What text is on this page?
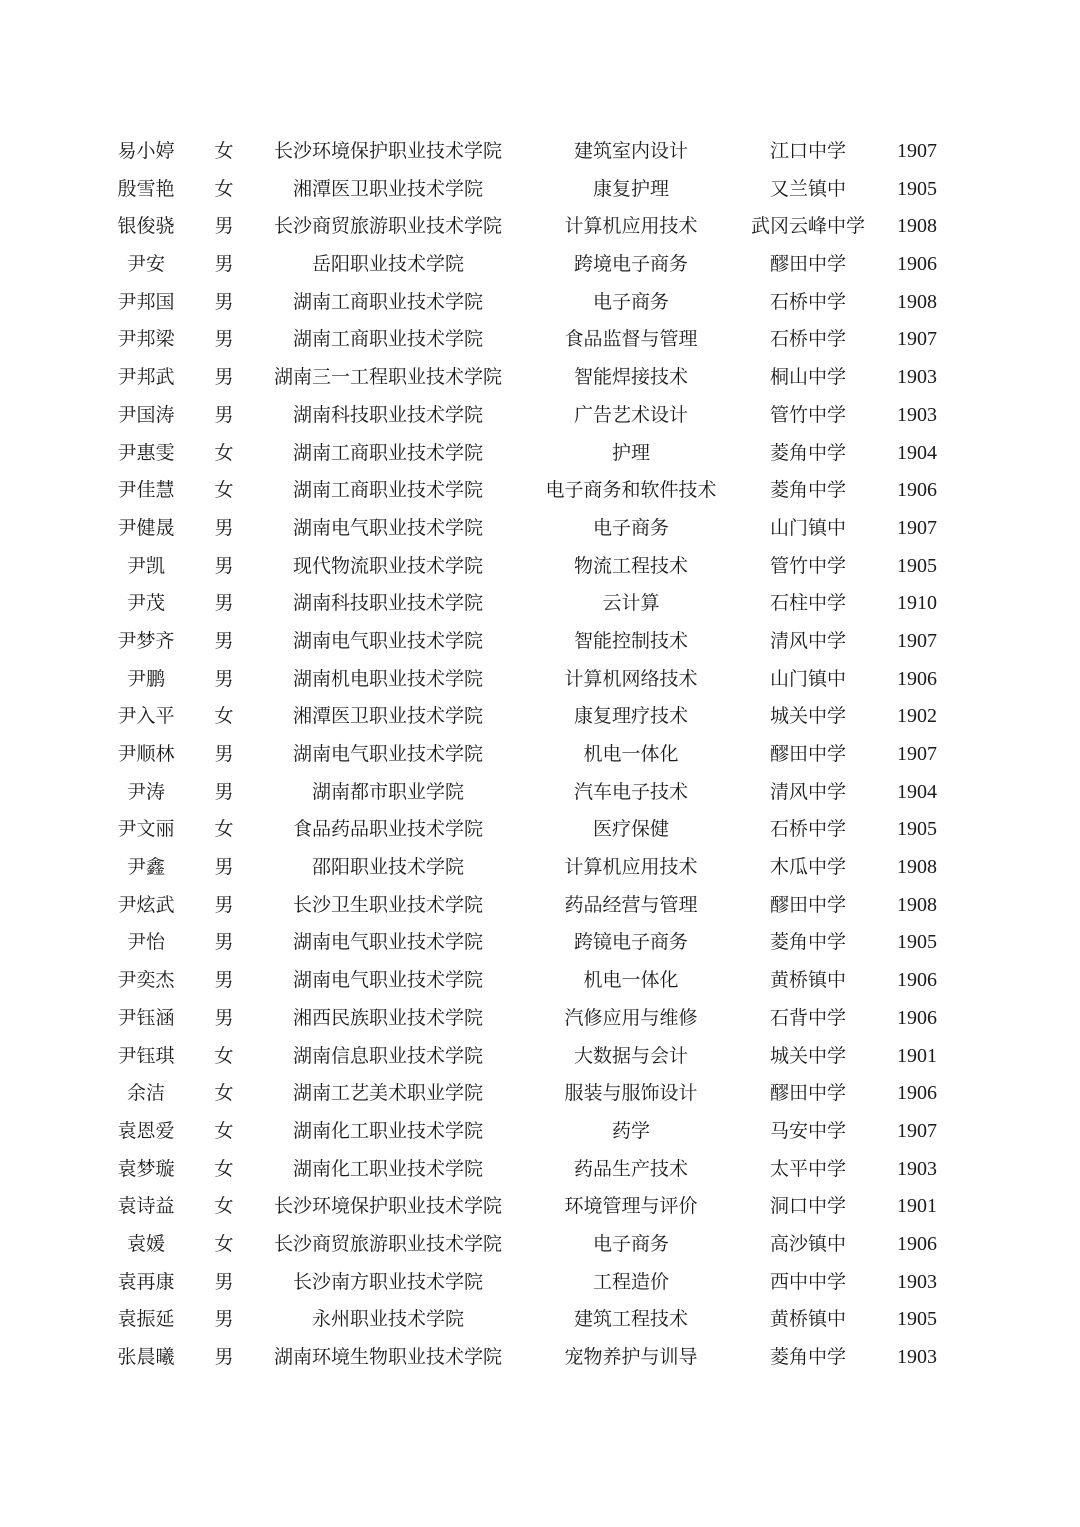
易小婷	女	长沙环境保护职业技术学院	建筑室内设计	江口中学	1907
殷雪艳	女	湘潭医卫职业技术学院	康复护理	又兰镇中	1905
银俊骁	男	长沙商贸旅游职业技术学院	计算机应用技术	武冈云峰中学	1908
尹安	男	岳阳职业技术学院	跨境电子商务	醪田中学	1906
尹邦国	男	湖南工商职业技术学院	电子商务	石桥中学	1908
尹邦梁	男	湖南工商职业技术学院	食品监督与管理	石桥中学	1907
尹邦武	男	湖南三一工程职业技术学院	智能焊接技术	桐山中学	1903
尹国涛	男	湖南科技职业技术学院	广告艺术设计	管竹中学	1903
尹惠雯	女	湖南工商职业技术学院	护理	菱角中学	1904
尹佳慧	女	湖南工商职业技术学院	电子商务和软件技术	菱角中学	1906
尹健晟	男	湖南电气职业技术学院	电子商务	山门镇中	1907
尹凯	男	现代物流职业技术学院	物流工程技术	管竹中学	1905
尹茂	男	湖南科技职业技术学院	云计算	石柱中学	1910
尹梦齐	男	湖南电气职业技术学院	智能控制技术	清风中学	1907
尹鹏	男	湖南机电职业技术学院	计算机网络技术	山门镇中	1906
尹入平	女	湘潭医卫职业技术学院	康复理疗技术	城关中学	1902
尹顺林	男	湖南电气职业技术学院	机电一体化	醪田中学	1907
尹涛	男	湖南都市职业学院	汽车电子技术	清风中学	1904
尹文丽	女	食品药品职业技术学院	医疗保健	石桥中学	1905
尹鑫	男	邵阳职业技术学院	计算机应用技术	木瓜中学	1908
尹炫武	男	长沙卫生职业技术学院	药品经营与管理	醪田中学	1908
尹怡	男	湖南电气职业技术学院	跨镜电子商务	菱角中学	1905
尹奕杰	男	湖南电气职业技术学院	机电一体化	黄桥镇中	1906
尹钰涵	男	湘西民族职业技术学院	汽修应用与维修	石背中学	1906
尹钰琪	女	湖南信息职业技术学院	大数据与会计	城关中学	1901
余洁	女	湖南工艺美术职业学院	服装与服饰设计	醪田中学	1906
袁恩爱	女	湖南化工职业技术学院	药学	马安中学	1907
袁梦璇	女	湖南化工职业技术学院	药品生产技术	太平中学	1903
袁诗益	女	长沙环境保护职业技术学院	环境管理与评价	洞口中学	1901
袁媛	女	长沙商贸旅游职业技术学院	电子商务	高沙镇中	1906
袁再康	男	长沙南方职业技术学院	工程造价	西中中学	1903
袁振延	男	永州职业技术学院	建筑工程技术	黄桥镇中	1905
张晨曦	男	湖南环境生物职业技术学院	宠物养护与训导	菱角中学	1903
